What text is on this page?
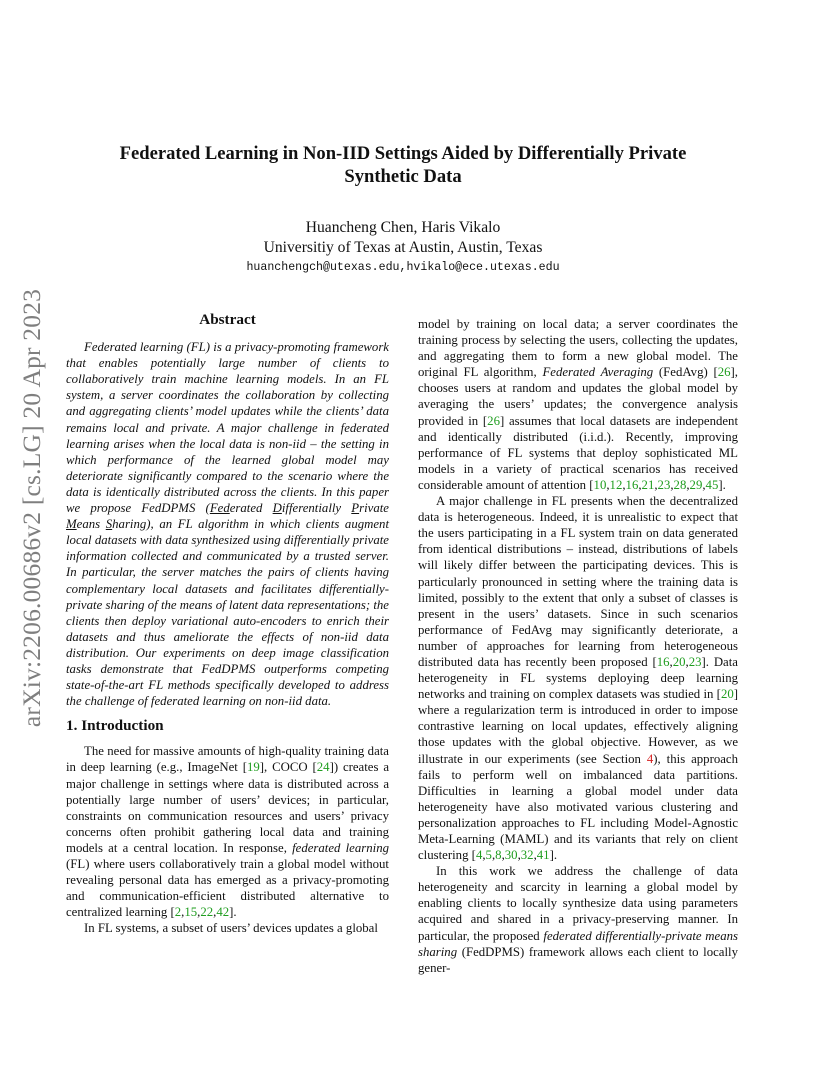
arXiv:2206.00686v2 [cs.LG] 20 Apr 2023
Federated Learning in Non-IID Settings Aided by Differentially Private
Synthetic Data
Huancheng Chen, Haris Vikalo
Universitiy of Texas at Austin, Austin, Texas
huanchengch@utexas.edu,hvikalo@ece.utexas.edu
Abstract

Federated learning (FL) is a privacy-promoting framework that enables potentially large number of clients to collaboratively train machine learning models. In an FL system, a server coordinates the collaboration by collecting and aggregating clients’ model updates while the clients’ data remains local and private. A major challenge in federated learning arises when the local data is non-iid – the setting in which performance of the learned global model may deteriorate significantly compared to the scenario where the data is identically distributed across the clients. In this paper we propose FedDPMS (Federated Differentially Private Means Sharing), an FL algorithm in which clients augment local datasets with data synthesized using differentially private information collected and communicated by a trusted server. In particular, the server matches the pairs of clients having complementary local datasets and facilitates differentially-private sharing of the means of latent data representations; the clients then deploy variational auto-encoders to enrich their datasets and thus ameliorate the effects of non-iid data distribution. Our experiments on deep image classification tasks demonstrate that FedDPMS outperforms competing state-of-the-art FL methods specifically developed to address the challenge of federated learning on non-iid data.

1. Introduction

The need for massive amounts of high-quality training data in deep learning (e.g., ImageNet [19], COCO [24]) creates a major challenge in settings where data is distributed across a potentially large number of users’ devices; in particular, constraints on communication resources and users’ privacy concerns often prohibit gathering local data and training models at a central location. In response, federated learning (FL) where users collaboratively train a global model without revealing personal data has emerged as a privacy-promoting and communication-efficient distributed alternative to centralized learning [2,15,22,42].

In FL systems, a subset of users’ devices updates a global

model by training on local data; a server coordinates the training process by selecting the users, collecting the updates, and aggregating them to form a new global model. The original FL algorithm, Federated Averaging (FedAvg) [26], chooses users at random and updates the global model by averaging the users’ updates; the convergence analysis provided in [26] assumes that local datasets are independent and identically distributed (i.i.d.). Recently, improving performance of FL systems that deploy sophisticated ML models in a variety of practical scenarios has received considerable amount of attention [10,12,16,21,23,28,29,45].

A major challenge in FL presents when the decentralized data is heterogeneous. Indeed, it is unrealistic to expect that the users participating in a FL system train on data generated from identical distributions – instead, distributions of labels will likely differ between the participating devices. This is particularly pronounced in setting where the training data is limited, possibly to the extent that only a subset of classes is present in the users’ datasets. Since in such scenarios performance of FedAvg may significantly deteriorate, a number of approaches for learning from heterogeneous distributed data has recently been proposed [16,20,23]. Data heterogeneity in FL systems deploying deep learning networks and training on complex datasets was studied in [20] where a regularization term is introduced in order to impose contrastive learning on local updates, effectively aligning those updates with the global objective. However, as we illustrate in our experiments (see Section 4), this approach fails to perform well on imbalanced data partitions. Difficulties in learning a global model under data heterogeneity have also motivated various clustering and personalization approaches to FL including Model-Agnostic Meta-Learning (MAML) and its variants that rely on client clustering [4,5,8,30,32,41].

In this work we address the challenge of data heterogeneity and scarcity in learning a global model by enabling clients to locally synthesize data using parameters acquired and shared in a privacy-preserving manner. In particular, the proposed federated differentially-private means sharing (FedDPMS) framework allows each client to locally gener-
